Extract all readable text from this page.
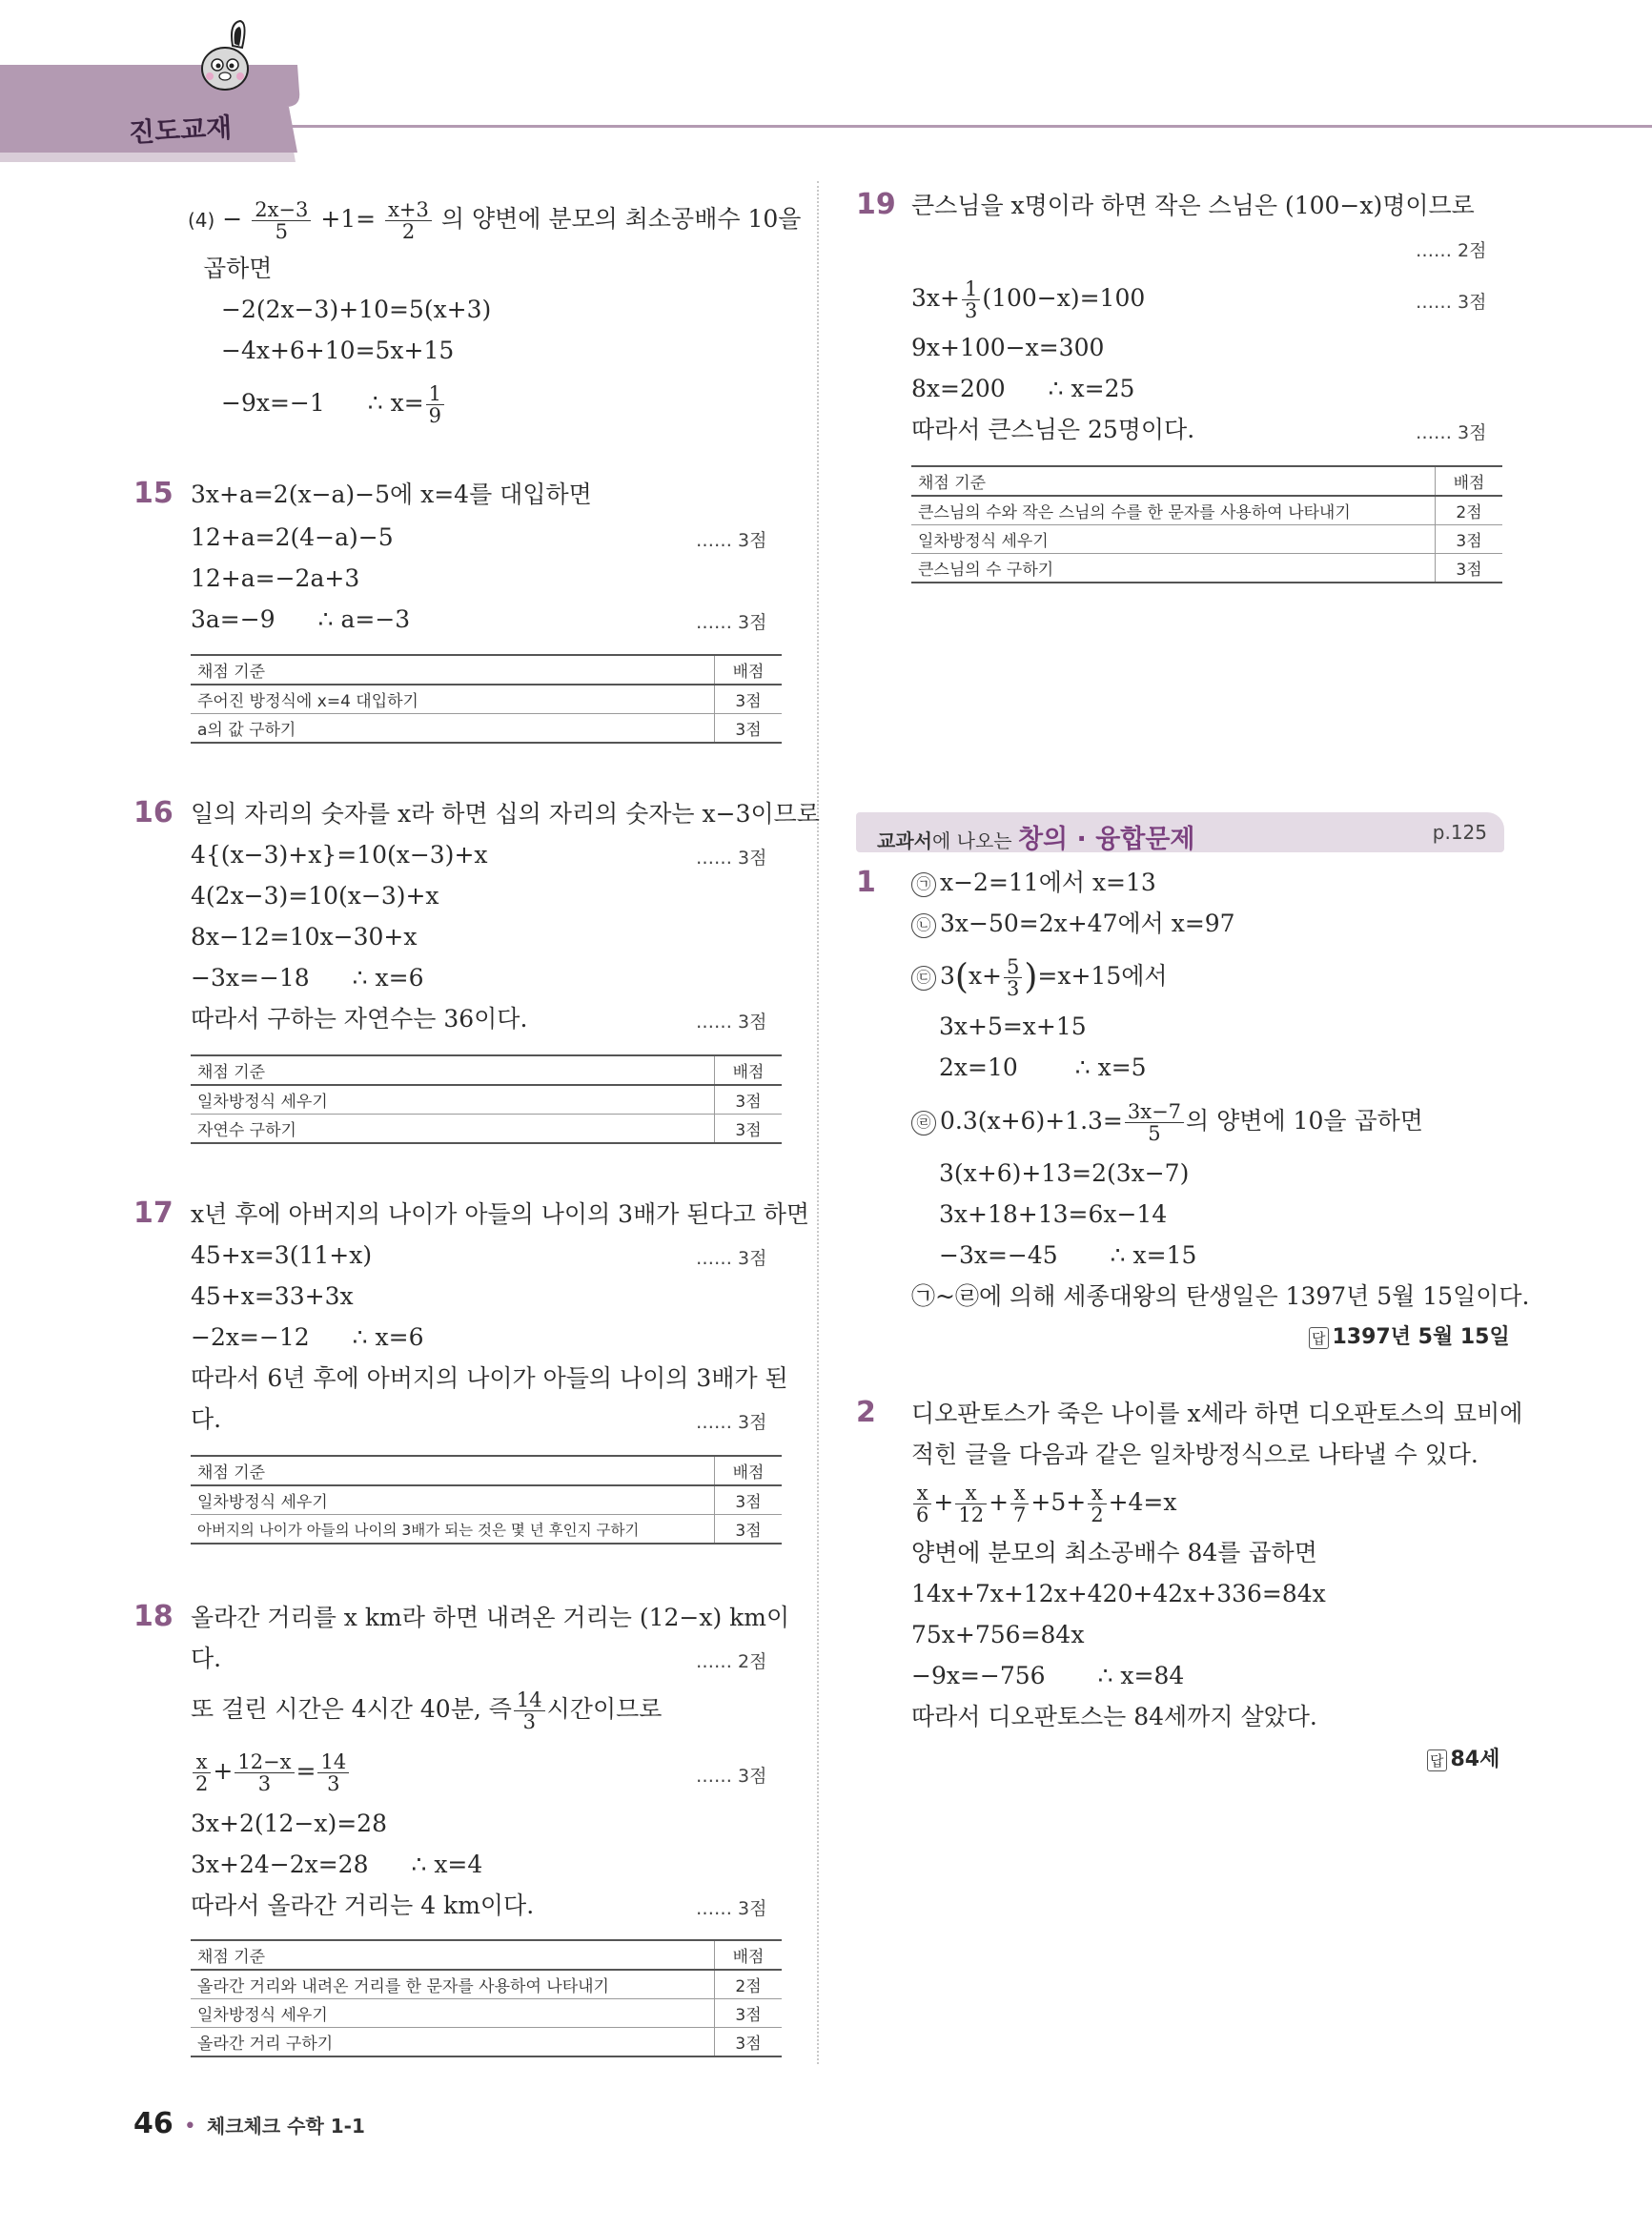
진도교재
$(4) - \frac{2x-3}{5} +1= \frac{x+3}{2}$ 의 양변에 분모의 최소공배수 10을
곱하면
−2(2x−3)+10=5(x+3)
−4x+6+10=5x+15
−9x=−1 ∴ $x= \frac{1}{9}$
15 3x+a=2(x−a)−5에 x=4를 대입하면
12+a=2(4−a)−5	…… 3점
12+a=−2a+3
3a=−9 ∴ a=−3	…… 3점
채점 기준	배점
주어진 방정식에 x=4 대입하기	3점
a의 값 구하기	3점
16 일의 자리의 숫자를 x라 하면 십의 자리의 숫자는 x−3이므로
4{(x−3)+x}=10(x−3)+x	…… 3점
4(2x−3)=10(x−3)+x
8x−12=10x−30+x
−3x=−18 ∴ x=6
따라서 구하는 자연수는 36이다.	…… 3점
채점 기준	배점
일차방정식 세우기	3점
자연수 구하기	3점
17 x년 후에 아버지의 나이가 아들의 나이의 3배가 된다고 하면
45+x=3(11+x)	…… 3점
45+x=33+3x
−2x=−12 ∴ x=6
따라서 6년 후에 아버지의 나이가 아들의 나이의 3배가 된
다.	…… 3점
채점 기준	배점
일차방정식 세우기	3점
아버지의 나이가 아들의 나이의 3배가 되는 것은 몇 년 후인지 구하기	3점
18 올라간 거리를 x km라 하면 내려온 거리는 (12−x) km이
다.	…… 2점
또 걸린 시간은 4시간 40분, 즉 $\frac{14}{3}$ 시간이므로
$\frac{x}{2} + \frac{12-x}{3} = \frac{14}{3}$	…… 3점
3x+2(12−x)=28
3x+24−2x=28 ∴ x=4
따라서 올라간 거리는 4 km이다.	…… 3점
채점 기준	배점
올라간 거리와 내려온 거리를 한 문자를 사용하여 나타내기	2점
일차방정식 세우기	3점
올라간 거리 구하기	3점
19 큰스님을 x명이라 하면 작은 스님은 (100−x)명이므로
…… 2점
$3x+ \frac{1}{3} (100-x)=100$	…… 3점
9x+100−x=300
8x=200 ∴ x=25
따라서 큰스님은 25명이다.	…… 3점
채점 기준	배점
큰스님의 수와 작은 스님의 수를 한 문자를 사용하여 나타내기	2점
일차방정식 세우기	3점
큰스님의 수 구하기	3점
교과서에 나오는 창의 · 융합문제	p.125
1	㉠ x−2=11에서 x=13
㉡ 3x−50=2x+47에서 x=97
㉢ $3(x+ \frac{5}{3} )=x+15$에서
3x+5=x+15
2x=10 ∴ x=5
㉣ $0.3(x+6)+1.3= \frac{3x-7}{5}$ 의 양변에 10을 곱하면
3(x+6)+13=2(3x−7)
3x+18+13=6x−14
−3x=−45 ∴ x=15
㉠~㉣에 의해 세종대왕의 탄생일은 1397년 5월 15일이다.
답 1397년 5월 15일
2 디오판토스가 죽은 나이를 x세라 하면 디오판토스의 묘비에
적힌 글을 다음과 같은 일차방정식으로 나타낼 수 있다.
$\frac{x}{6} + \frac{x}{12} + \frac{x}{7} +5+ \frac{x}{2} +4=x$
양변에 분모의 최소공배수 84를 곱하면
14x+7x+12x+420+42x+336=84x
75x+756=84x
−9x=−756 ∴ x=84
따라서 디오판토스는 84세까지 살았다.
답 84세
46 • 체크체크 수학 1-1
